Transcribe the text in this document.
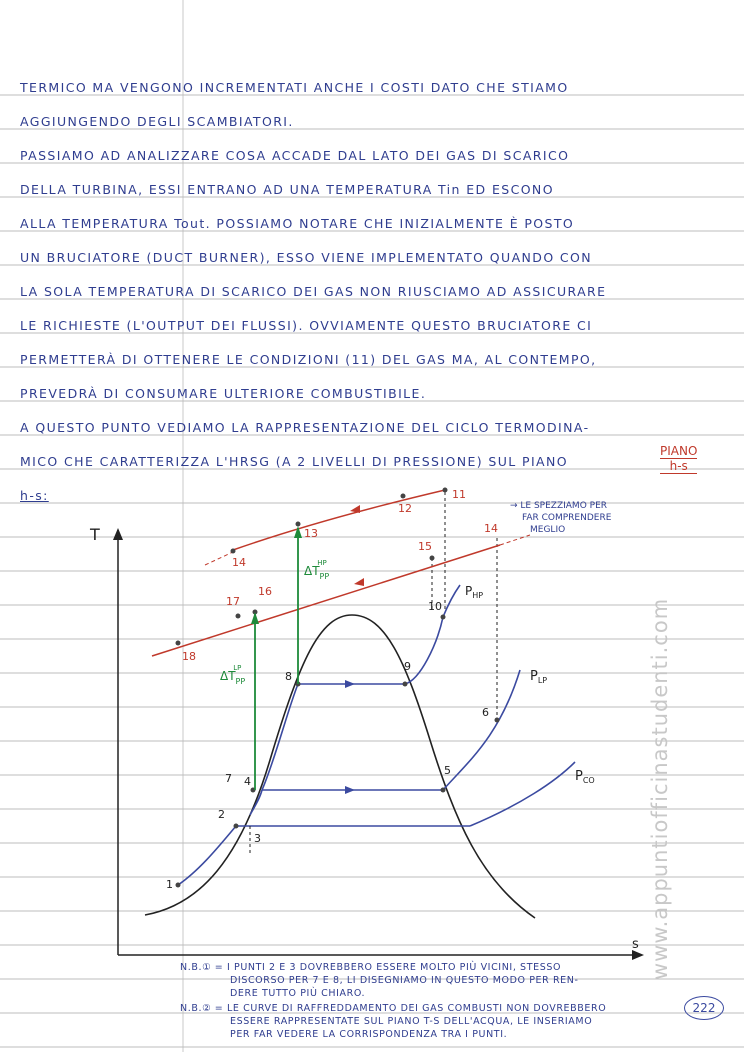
TERMICO MA VENGONO INCREMENTATI ANCHE I COSTI DATO CHE STIAMO
AGGIUNGENDO DEGLI SCAMBIATORI.
PASSIAMO AD ANALIZZARE COSA ACCADE DAL LATO DEI GAS DI SCARICO
DELLA TURBINA, ESSI ENTRANO AD UNA TEMPERATURA Tin ED ESCONO
ALLA TEMPERATURA Tout. POSSIAMO NOTARE CHE INIZIALMENTE È POSTO
UN BRUCIATORE (DUCT BURNER), ESSO VIENE IMPLEMENTATO QUANDO CON
LA SOLA TEMPERATURA DI SCARICO DEI GAS NON RIUSCIAMO AD ASSICURARE
LE RICHIESTE (L'OUTPUT DEI FLUSSI). OVVIAMENTE QUESTO BRUCIATORE CI
PERMETTERÀ DI OTTENERE LE CONDIZIONI (11) DEL GAS MA, AL CONTEMPO,
PREVEDRÀ DI CONSUMARE ULTERIORE COMBUSTIBILE.
A QUESTO PUNTO VEDIAMO LA RAPPRESENTAZIONE DEL CICLO TERMODINA-
MICO CHE CARATTERIZZA L'HRSG (A 2 LIVELLI DI PRESSIONE) SUL PIANO
h-s:
PIANO
h-s
T
s
14
13
12
11
15
16
17
18
14
1
2
3
7 4
8
9
10
5
6
$\Delta T_{PP}HP$
$\Delta T_{PP}LP$
$P_{HP}$
$P_{LP}$
$P_{CO}$
→ LE SPEZZIAMO PER
FAR COMPRENDERE
MEGLIO
N.B.① = I PUNTI 2 E 3 DOVREBBERO ESSERE MOLTO PIÙ VICINI, STESSO
DISCORSO PER 7 E 8, LI DISEGNIAMO IN QUESTO MODO PER REN-
DERE TUTTO PIÙ CHIARO.
N.B.② = LE CURVE DI RAFFREDDAMENTO DEI GAS COMBUSTI NON DOVREBBERO
ESSERE RAPPRESENTATE SUL PIANO T-S DELL'ACQUA, LE INSERIAMO
PER FAR VEDERE LA CORRISPONDENZA TRA I PUNTI.
222
www.appuntiofficinastudenti.com
